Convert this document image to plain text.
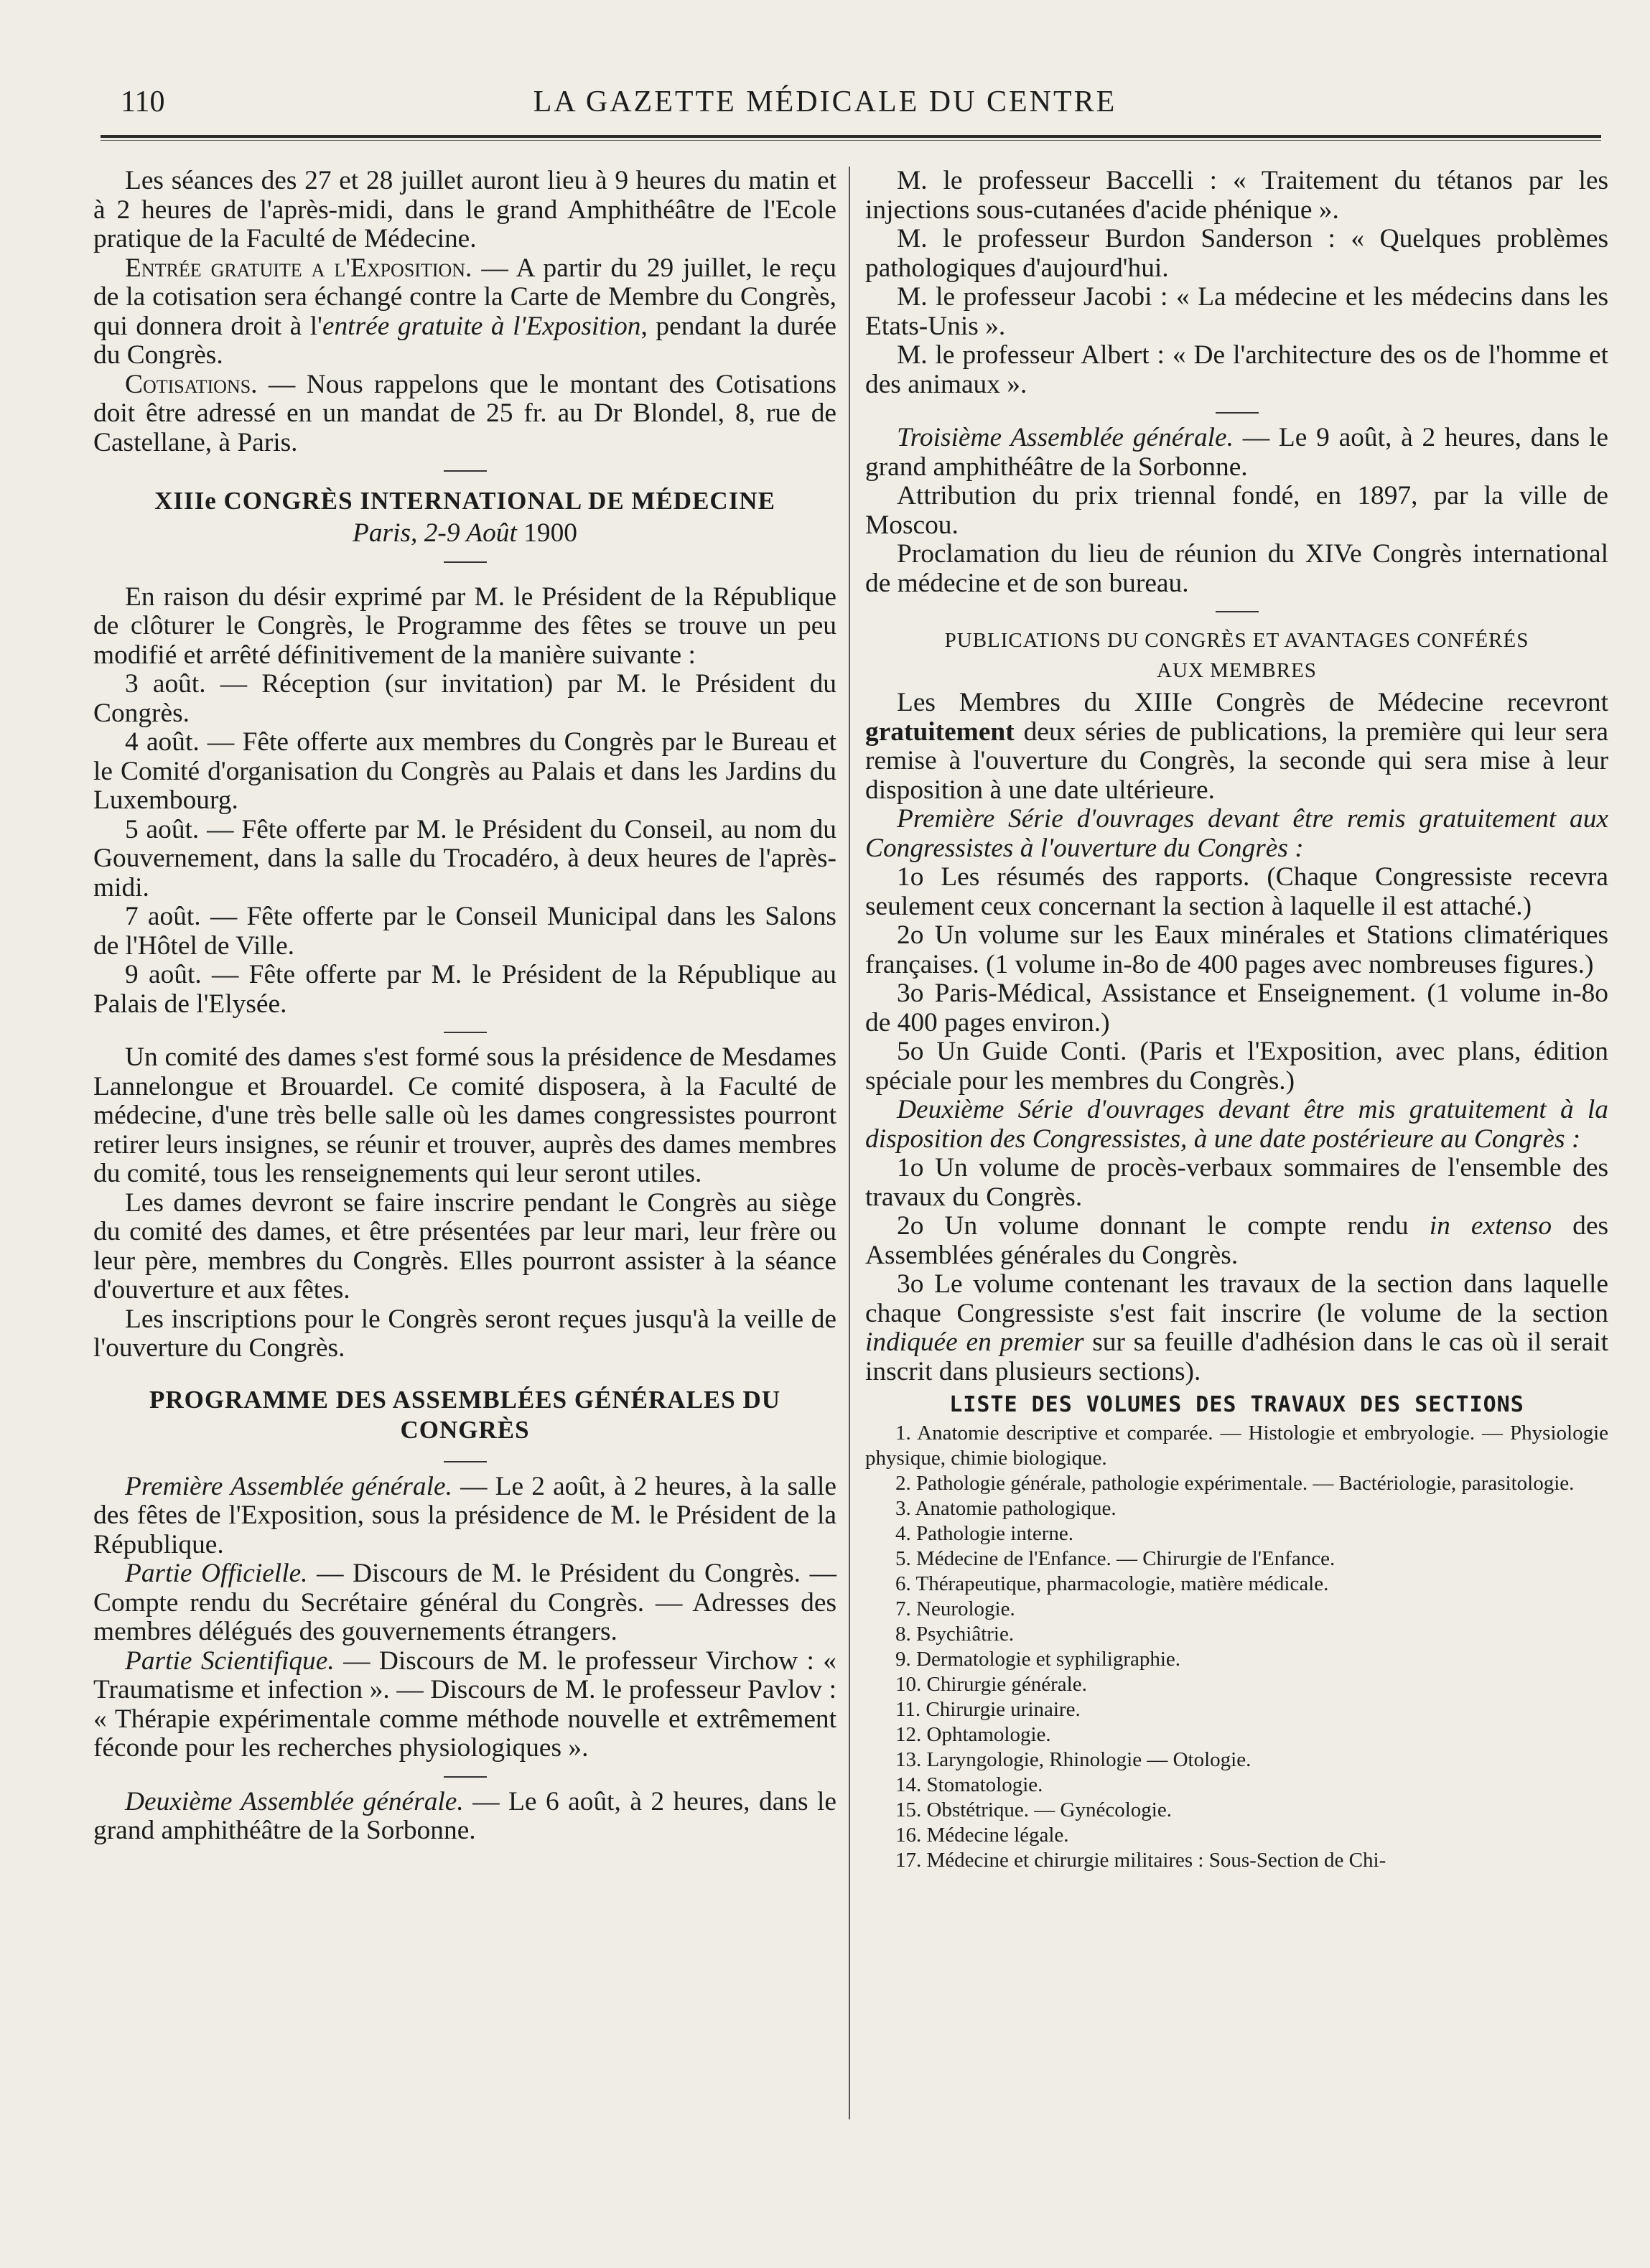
110	LA GAZETTE MÉDICALE DU CENTRE

Les séances des 27 et 28 juillet auront lieu à 9 heures du matin et à 2 heures de l'après-midi, dans le grand Amphithéâtre de l'Ecole pratique de la Faculté de Médecine.

Entrée gratuite a l'Exposition. — A partir du 29 juillet, le reçu de la cotisation sera échangé contre la Carte de Membre du Congrès, qui donnera droit à l'entrée gratuite à l'Exposition, pendant la durée du Congrès.

Cotisations. — Nous rappelons que le montant des Cotisations doit être adressé en un mandat de 25 fr. au Dr Blondel, 8, rue de Castellane, à Paris.

XIIIe CONGRÈS INTERNATIONAL DE MÉDECINE

Paris, 2-9 Août 1900

En raison du désir exprimé par M. le Président de la République de clôturer le Congrès, le Programme des fêtes se trouve un peu modifié et arrêté définitivement de la manière suivante :

3 août. — Réception (sur invitation) par M. le Président du Congrès.

4 août. — Fête offerte aux membres du Congrès par le Bureau et le Comité d'organisation du Congrès au Palais et dans les Jardins du Luxembourg.

5 août. — Fête offerte par M. le Président du Conseil, au nom du Gouvernement, dans la salle du Trocadéro, à deux heures de l'après-midi.

7 août. — Fête offerte par le Conseil Municipal dans les Salons de l'Hôtel de Ville.

9 août. — Fête offerte par M. le Président de la République au Palais de l'Elysée.

Un comité des dames s'est formé sous la présidence de Mesdames Lannelongue et Brouardel. Ce comité disposera, à la Faculté de médecine, d'une très belle salle où les dames congressistes pourront retirer leurs insignes, se réunir et trouver, auprès des dames membres du comité, tous les renseignements qui leur seront utiles.

Les dames devront se faire inscrire pendant le Congrès au siège du comité des dames, et être présentées par leur mari, leur frère ou leur père, membres du Congrès. Elles pourront assister à la séance d'ouverture et aux fêtes.

Les inscriptions pour le Congrès seront reçues jusqu'à la veille de l'ouverture du Congrès.

PROGRAMME DES ASSEMBLÉES GÉNÉRALES DU CONGRÈS

Première Assemblée générale. — Le 2 août, à 2 heures, à la salle des fêtes de l'Exposition, sous la présidence de M. le Président de la République.

Partie Officielle. — Discours de M. le Président du Congrès. — Compte rendu du Secrétaire général du Congrès. — Adresses des membres délégués des gouvernements étrangers.

Partie Scientifique. — Discours de M. le professeur Virchow : « Traumatisme et infection ». — Discours de M. le professeur Pavlov : « Thérapie expérimentale comme méthode nouvelle et extrêmement féconde pour les recherches physiologiques ».

Deuxième Assemblée générale. — Le 6 août, à 2 heures, dans le grand amphithéâtre de la Sorbonne.

M. le professeur Baccelli : « Traitement du tétanos par les injections sous-cutanées d'acide phénique ».

M. le professeur Burdon Sanderson : « Quelques problèmes pathologiques d'aujourd'hui.

M. le professeur Jacobi : « La médecine et les médecins dans les Etats-Unis ».

M. le professeur Albert : « De l'architecture des os de l'homme et des animaux ».

Troisième Assemblée générale. — Le 9 août, à 2 heures, dans le grand amphithéâtre de la Sorbonne.

Attribution du prix triennal fondé, en 1897, par la ville de Moscou.

Proclamation du lieu de réunion du XIVe Congrès international de médecine et de son bureau.

PUBLICATIONS DU CONGRÈS ET AVANTAGES CONFÉRÉS
AUX MEMBRES

Les Membres du XIIIe Congrès de Médecine recevront gratuitement deux séries de publications, la première qui leur sera remise à l'ouverture du Congrès, la seconde qui sera mise à leur disposition à une date ultérieure.

Première Série d'ouvrages devant être remis gratuitement aux Congressistes à l'ouverture du Congrès :

1o Les résumés des rapports. (Chaque Congressiste recevra seulement ceux concernant la section à laquelle il est attaché.)

2o Un volume sur les Eaux minérales et Stations climatériques françaises. (1 volume in-8o de 400 pages avec nombreuses figures.)

3o Paris-Médical, Assistance et Enseignement. (1 volume in-8o de 400 pages environ.)

5o Un Guide Conti. (Paris et l'Exposition, avec plans, édition spéciale pour les membres du Congrès.)

Deuxième Série d'ouvrages devant être mis gratuitement à la disposition des Congressistes, à une date postérieure au Congrès :

1o Un volume de procès-verbaux sommaires de l'ensemble des travaux du Congrès.

2o Un volume donnant le compte rendu in extenso des Assemblées générales du Congrès.

3o Le volume contenant les travaux de la section dans laquelle chaque Congressiste s'est fait inscrire (le volume de la section indiquée en premier sur sa feuille d'adhésion dans le cas où il serait inscrit dans plusieurs sections).

LISTE DES VOLUMES DES TRAVAUX DES SECTIONS

1. Anatomie descriptive et comparée. — Histologie et embryologie. — Physiologie physique, chimie biologique.

2. Pathologie générale, pathologie expérimentale. — Bactériologie, parasitologie.

3. Anatomie pathologique.

4. Pathologie interne.

5. Médecine de l'Enfance. — Chirurgie de l'Enfance.

6. Thérapeutique, pharmacologie, matière médicale.

7. Neurologie.

8. Psychiâtrie.

9. Dermatologie et syphiligraphie.

10. Chirurgie générale.

11. Chirurgie urinaire.

12. Ophtamologie.

13. Laryngologie, Rhinologie — Otologie.

14. Stomatologie.

15. Obstétrique. — Gynécologie.

16. Médecine légale.

17. Médecine et chirurgie militaires : Sous-Section de Chi-
